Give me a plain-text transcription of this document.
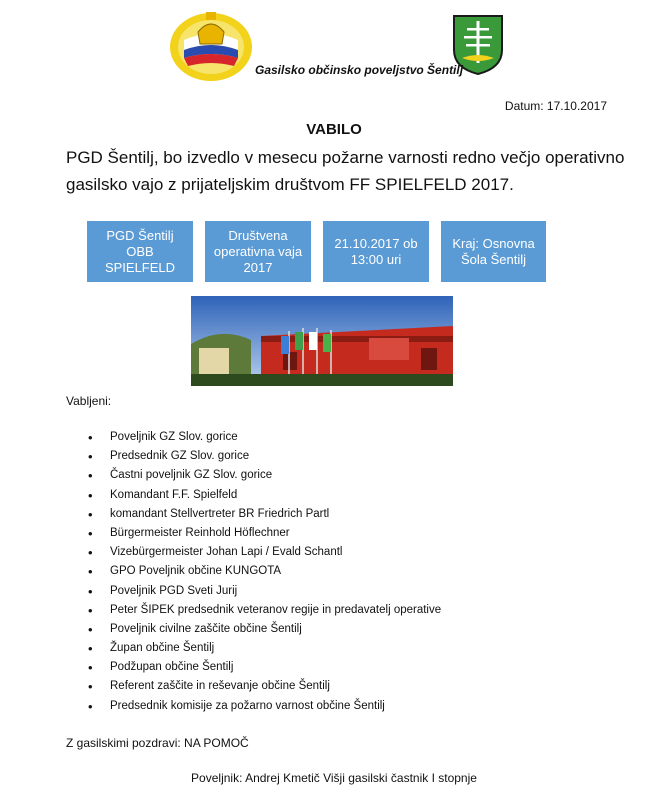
Gasilsko občinsko poveljstvo Šentilj
Datum: 17.10.2017
VABILO
PGD Šentilj, bo izvedlo v mesecu požarne varnosti redno večjo operativno gasilsko vajo z prijateljskim društvom FF SPIELFELD 2017.
PGD Šentilj OBB SPIELFELD
Društvena operativna vaja 2017
21.10.2017 ob 13:00 uri
Kraj: Osnovna Šola Šentilj
Vabljeni:
• Poveljnik GZ Slov. gorice
• Predsednik GZ Slov. gorice
• Častni poveljnik GZ Slov. gorice
• Komandant F.F. Spielfeld
• komandant Stellvertreter BR Friedrich Partl
• Bürgermeister Reinhold Höflechner
• Vizebürgermeister Johan Lapi / Evald Schantl
• GPO Poveljnik občine KUNGOTA
• Poveljnik PGD Sveti Jurij
• Peter ŠIPEK predsednik veteranov regije in predavatelj operative
• Poveljnik civilne zaščite občine Šentilj
• Župan občine Šentilj
• Podžupan občine Šentilj
• Referent zaščite in reševanje občine Šentilj
• Predsednik komisije za požarno varnost občine Šentilj
Z gasilskimi pozdravi: NA POMOČ
Poveljnik: Andrej Kmetič Višji gasilski častnik I stopnje
